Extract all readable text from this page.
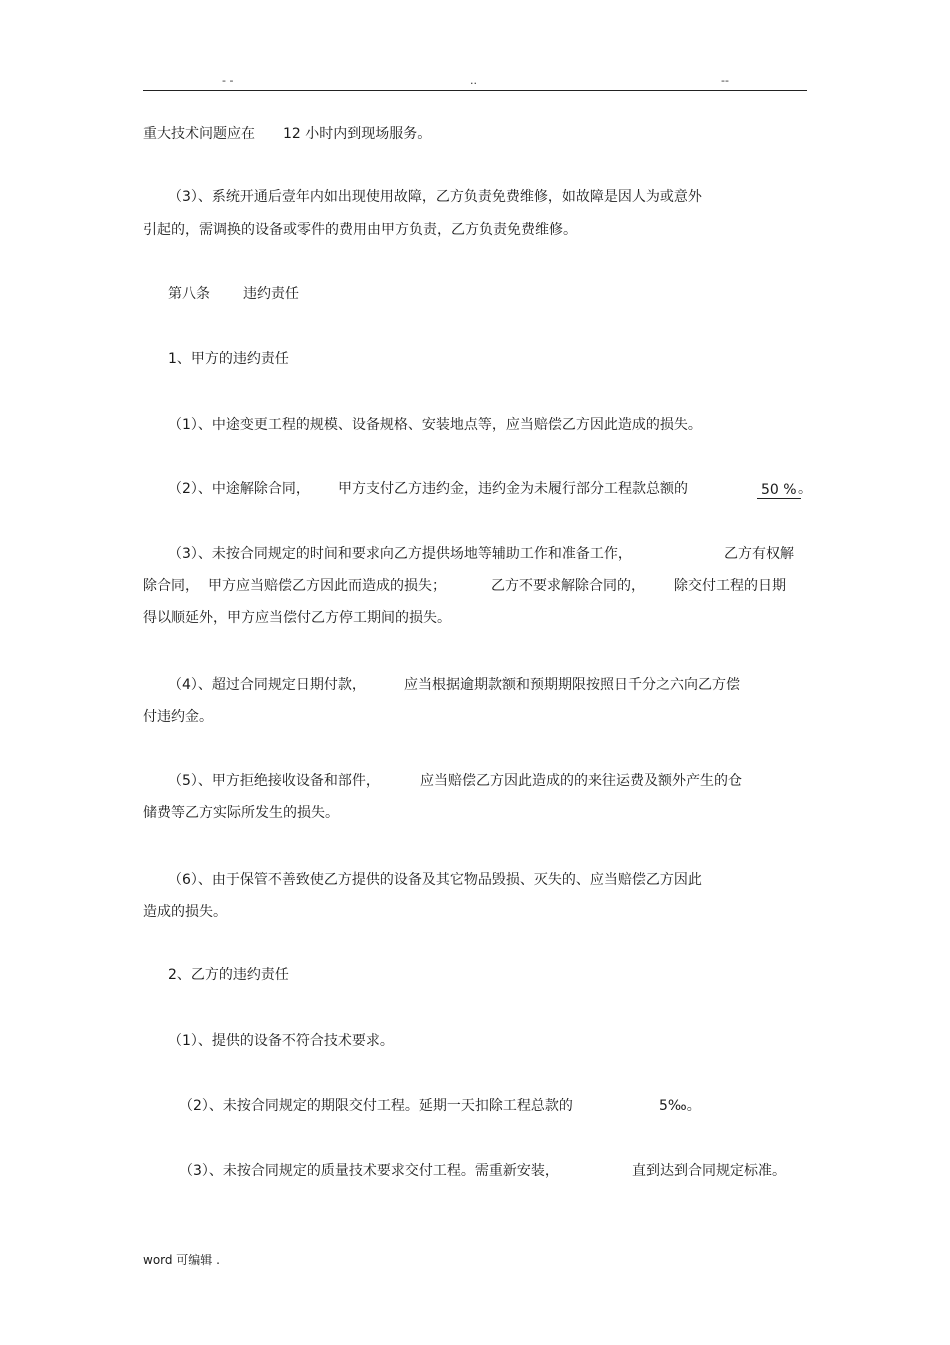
- -	..	--
重大技术问题应在 12 小时内到现场服务。
（3）、系统开通后壹年内如出现使用故障，乙方负责免费维修，如故障是因人为或意外
引起的，需调换的设备或零件的费用由甲方负责，乙方负责免费维修。
第八条 违约责任
1、甲方的违约责任
（1）、中途变更工程的规模、设备规格、安装地点等，应当赔偿乙方因此造成的损失。
（2）、中途解除合同， 甲方支付乙方违约金，违约金为未履行部分工程款总额的	50 % 。
（3）、未按合同规定的时间和要求向乙方提供场地等辅助工作和准备工作，	乙方有权解
除合同， 甲方应当赔偿乙方因此而造成的损失；	乙方不要求解除合同的， 除交付工程的日期
得以顺延外，甲方应当偿付乙方停工期间的损失。
（4）、超过合同规定日期付款，	应当根据逾期款额和预期期限按照日千分之六向乙方偿
付违约金。
（5）、甲方拒绝接收设备和部件，	应当赔偿乙方因此造成的的来往运费及额外产生的仓
储费等乙方实际所发生的损失。
（6）、由于保管不善致使乙方提供的设备及其它物品毁损、灭失的、应当赔偿乙方因此
造成的损失。
2、乙方的违约责任
（1）、提供的设备不符合技术要求。
（2）、未按合同规定的期限交付工程。延期一天扣除工程总款的	5‰。
（3）、未按合同规定的质量技术要求交付工程。需重新安装，	直到达到合同规定标准。
word 可编辑 .
